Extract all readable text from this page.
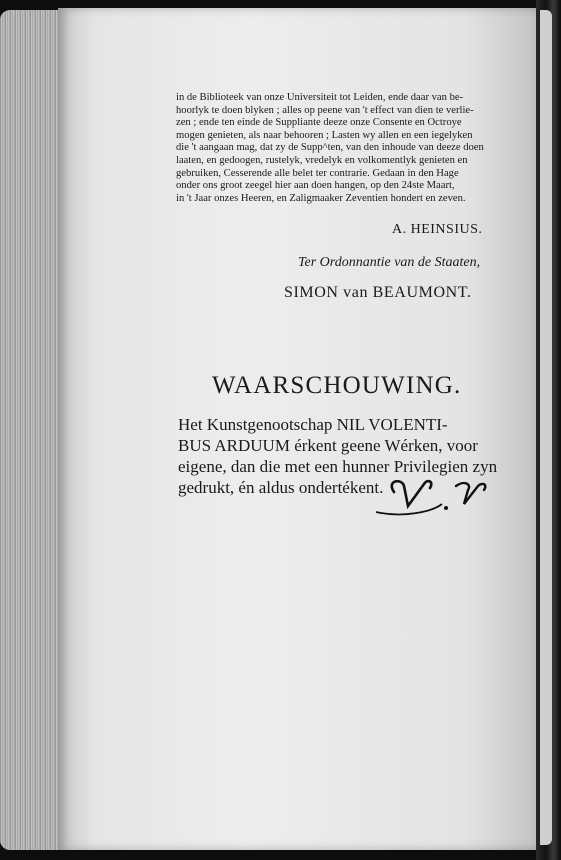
in de Biblioteek van onze Universiteit tot Leiden, ende daar van be-
hoorlyk te doen blyken ; alles op peene van 't effect van dien te verlie-
zen ; ende ten einde de Suppliante deeze onze Consente en Octroye
mogen genieten, als naar behooren ; Lasten wy allen en een iegelyken
die 't aangaan mag, dat zy de Supp^ten, van den inhoude van deeze doen
laaten, en gedoogen, rustelyk, vredelyk en volkomentlyk genieten en
gebruiken, Cesserende alle belet ter contrarie. Gedaan in den Hage
onder ons groot zeegel hier aan doen hangen, op den 24ste Maart,
in 't Jaar onzes Heeren, en Zaligmaaker Zeventien hondert en zeven.
A. HEINSIUS.
Ter Ordonnantie van de Staaten,
SIMON van BEAUMONT.
WAARSCHOUWING.
Het Kunstgenootschap NIL VOLENTI-
BUS ARDUUM érkent geene Wérken, voor
eigene, dan die met een hunner Privilegien zyn
gedrukt, én aldus ondertékent.
